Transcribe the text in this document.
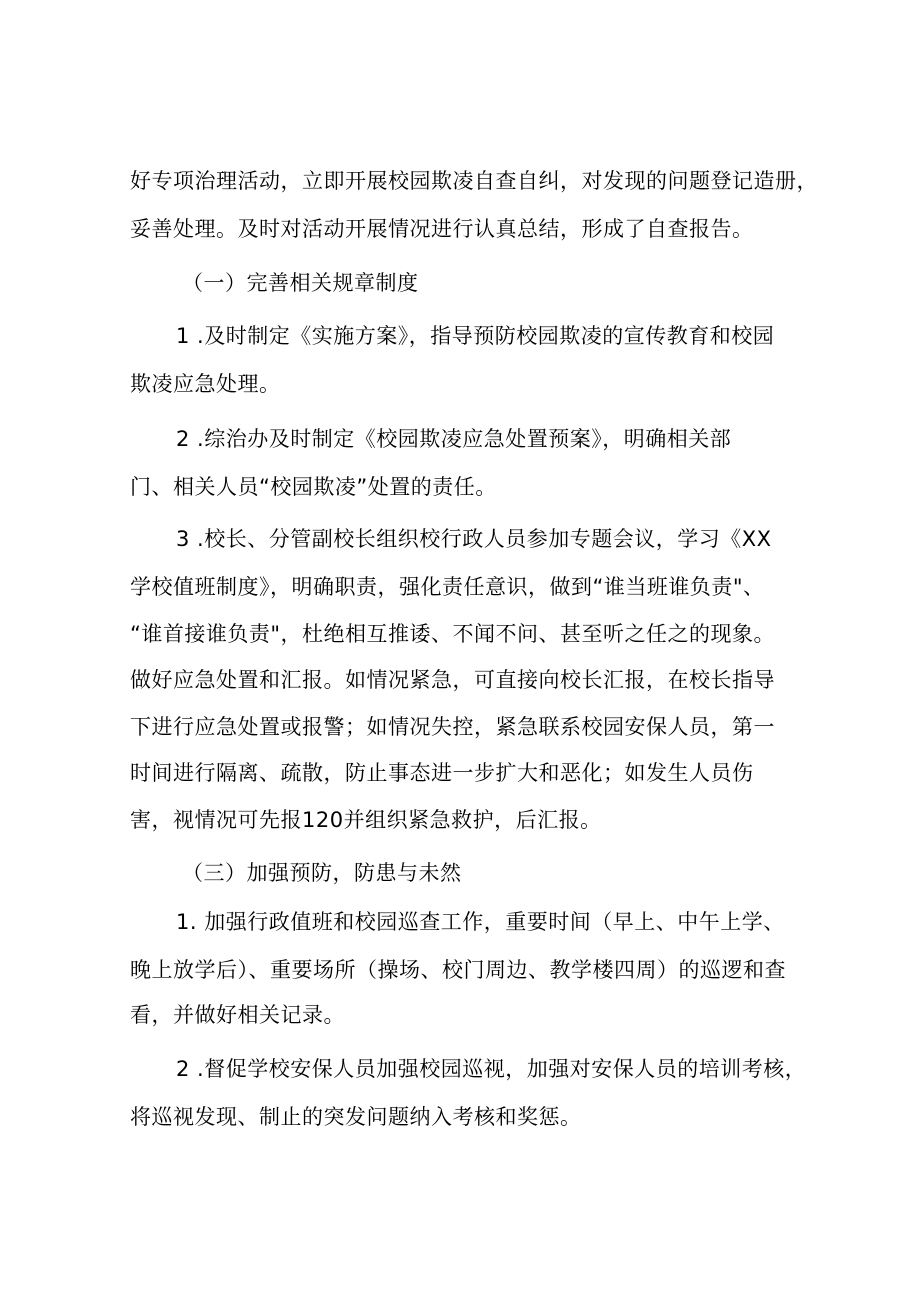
好专项治理活动，立即开展校园欺凌自查自纠，对发现的问题登记造册，
妥善处理。及时对活动开展情况进行认真总结，形成了自查报告。
（一）完善相关规章制度
1 .及时制定《实施方案》，指导预防校园欺凌的宣传教育和校园
欺凌应急处理。
2 .综治办及时制定《校园欺凌应急处置预案》，明确相关部
门、相关人员“校园欺凌”处置的责任。
3 .校长、分管副校长组织校行政人员参加专题会议，学习《XX
学校值班制度》，明确职责，强化责任意识，做到“谁当班谁负责"、
“谁首接谁负责"，杜绝相互推诿、不闻不问、甚至听之任之的现象。
做好应急处置和汇报。如情况紧急，可直接向校长汇报，在校长指导
下进行应急处置或报警；如情况失控，紧急联系校园安保人员，第一
时间进行隔离、疏散，防止事态进一步扩大和恶化；如发生人员伤
害，视情况可先报120并组织紧急救护，后汇报。
（三）加强预防，防患与未然
1. 加强行政值班和校园巡查工作，重要时间（早上、中午上学、
晚上放学后）、重要场所（操场、校门周边、教学楼四周）的巡逻和查
看，并做好相关记录。
2 .督促学校安保人员加强校园巡视，加强对安保人员的培训考核，
将巡视发现、制止的突发问题纳入考核和奖惩。
